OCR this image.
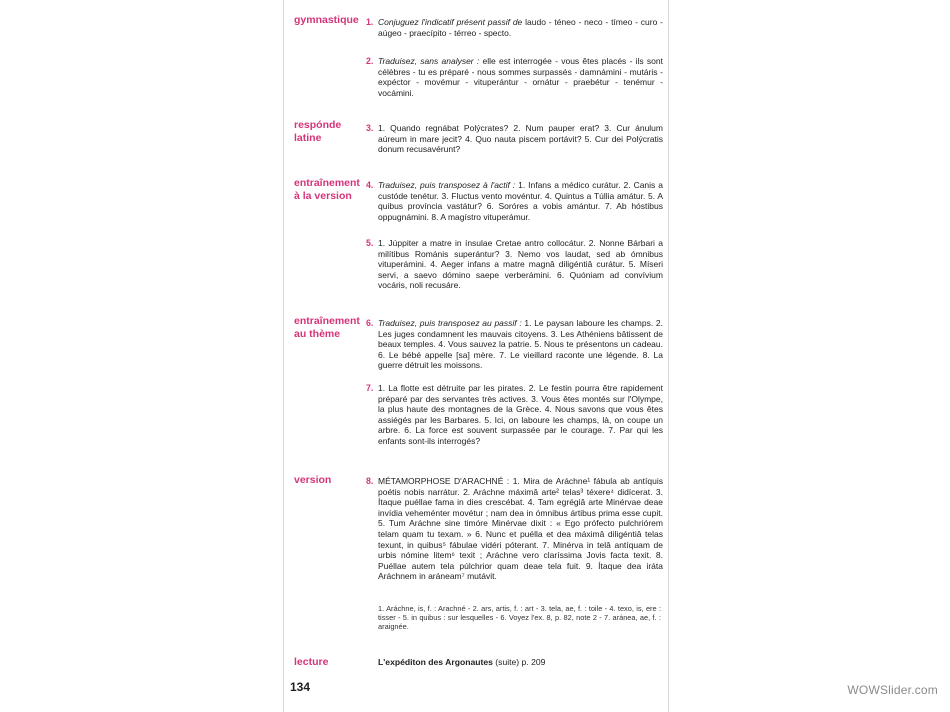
gymnastique 1. Conjuguez l'indicatif présent passif de laudo - téneo - neco - tímeo - curo - aúgeo - praecípito - térreo - specto.
2. Traduisez, sans analyser : elle est interrogée - vous êtes placés - ils sont célèbres - tu es préparé - nous sommes surpassés - damnámini - mutáris - expéctor - movémur - vituperántur - ornátur - praebétur - tenémur - vocámini.
respónde latine
3. 1. Quando regnábat Polýcrates? 2. Num pauper erat? 3. Cur ánulum aúreum in mare jecit? 4. Quo nauta piscem portávit? 5. Cur dei Polýcratis donum recusavérunt?
entraînement à la version
4. Traduisez, puis transposez à l'actif : 1. Infans a médico curátur. 2. Canis a custóde tenétur. 3. Fluctus vento movéntur. 4. Quintus a Túllia amátur. 5. A quibus província vastátur? 6. Soróres a vobis amántur. 7. Ab hóstibus oppugnámini. 8. A magístro vituperámur.
5. 1. Júppiter a matre in ínsulae Cretae antro collocátur. 2. Nonne Bárbari a milítibus Románis superántur? 3. Nemo vos laudat, sed ab ómnibus vituperámini. 4. Aeger infans a matre magnâ diligéntiâ curátur. 5. Míseri servi, a saevo dómino saepe verberámini. 6. Quóniam ad convívium vocáris, noli recusáre.
entraînement au thème
6. Traduisez, puis transposez au passif : 1. Le paysan laboure les champs. 2. Les juges condamnent les mauvais citoyens. 3. Les Athéniens bâtissent de beaux temples. 4. Vous sauvez la patrie. 5. Nous te présentons un cadeau. 6. Le bébé appelle [sa] mère. 7. Le vieillard raconte une légende. 8. La guerre détruit les moissons.
7. 1. La flotte est détruite par les pirates. 2. Le festin pourra être rapidement préparé par des servantes très actives. 3. Vous êtes montés sur l'Olympe, la plus haute des montagnes de la Grèce. 4. Nous savons que vous êtes assiégés par les Barbares. 5. Ici, on laboure les champs, là, on coupe un arbre. 6. La force est souvent surpassée par le courage. 7. Par qui les enfants sont-ils interrogés?
version	8. MÉTAMORPHOSE D'ARACHNÉ : 1. Mira de Aráchne¹ fábula ab antíquis poétis nobis narrátur. 2. Aráchne máximâ arte² telas³ téxere⁴ didícerat. 3. Ítaque puéllae fama in dies crescébat. 4. Tam egrégiâ arte Minérvae deae invídia veheménter movétur ; nam dea in ómnibus ártibus prima esse cupit. 5. Tum Aráchne sine timóre Minérvae dixit : « Ego prófecto pulchriórem telam quam tu texam. » 6. Nunc et puélla et dea máximâ diligéntiâ telas texunt, in quibus⁵ fábulae vidéri póterant. 7. Minérva in telâ antíquam de urbis nómine litem⁶ texit ; Aráchne vero claríssima Jovis facta texit. 8. Puéllae autem tela púlchrior quam deae tela fuit. 9. Ítaque dea iráta Aráchnem in aráneam⁷ mutávit.
1. Aráchne, is, f. : Arachné - 2. ars, artis, f. : art - 3. tela, ae, f. : toile - 4. texo, is, ere : tisser - 5. in quibus : sur lesquelles - 6. Voyez l'ex. 8, p. 82, note 2 - 7. aránea, ae, f. : araignée.
lecture	L'expéditon des Argonautes (suite) p. 209
134	WOWSlider.com
